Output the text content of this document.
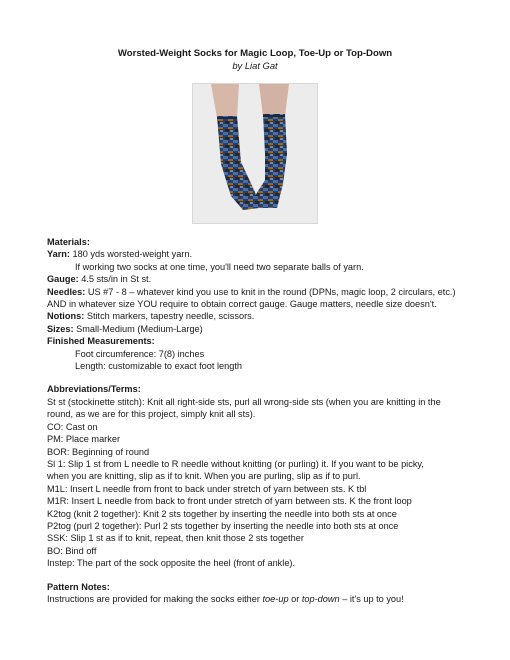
Worsted-Weight Socks for Magic Loop, Toe-Up or Top-Down
by Liat Gat

Materials:

Yarn: 180 yds worsted-weight yarn.

If working two socks at one time, you'll need two separate balls of yarn.

Gauge: 4.5 sts/in in St st.

Needles: US #7 - 8 – whatever kind you use to knit in the round (DPNs, magic loop, 2 circulars, etc.)

AND in whatever size YOU require to obtain correct gauge. Gauge matters, needle size doesn't.

Notions: Stitch markers, tapestry needle, scissors.

Sizes: Small-Medium (Medium-Large)

Finished Measurements:

Foot circumference: 7(8) inches

Length: customizable to exact foot length

Abbreviations/Terms:

St st (stockinette stitch): Knit all right-side sts, purl all wrong-side sts (when you are knitting in the

round, as we are for this project, simply knit all sts).

CO: Cast on

PM: Place marker

BOR: Beginning of round

Sl 1: Slip 1 st from L needle to R needle without knitting (or purling) it. If you want to be picky,

when you are knitting, slip as if to knit. When you are purling, slip as if to purl.

M1L: Insert L needle from front to back under stretch of yarn between sts. K tbl

M1R: Insert L needle from back to front under stretch of yarn between sts. K the front loop

K2tog (knit 2 together): Knit 2 sts together by inserting the needle into both sts at once

P2tog (purl 2 together): Purl 2 sts together by inserting the needle into both sts at once

SSK: Slip 1 st as if to knit, repeat, then knit those 2 sts together

BO: Bind off

Instep: The part of the sock opposite the heel (front of ankle).

Pattern Notes:

Instructions are provided for making the socks either toe-up or top-down – it's up to you!
